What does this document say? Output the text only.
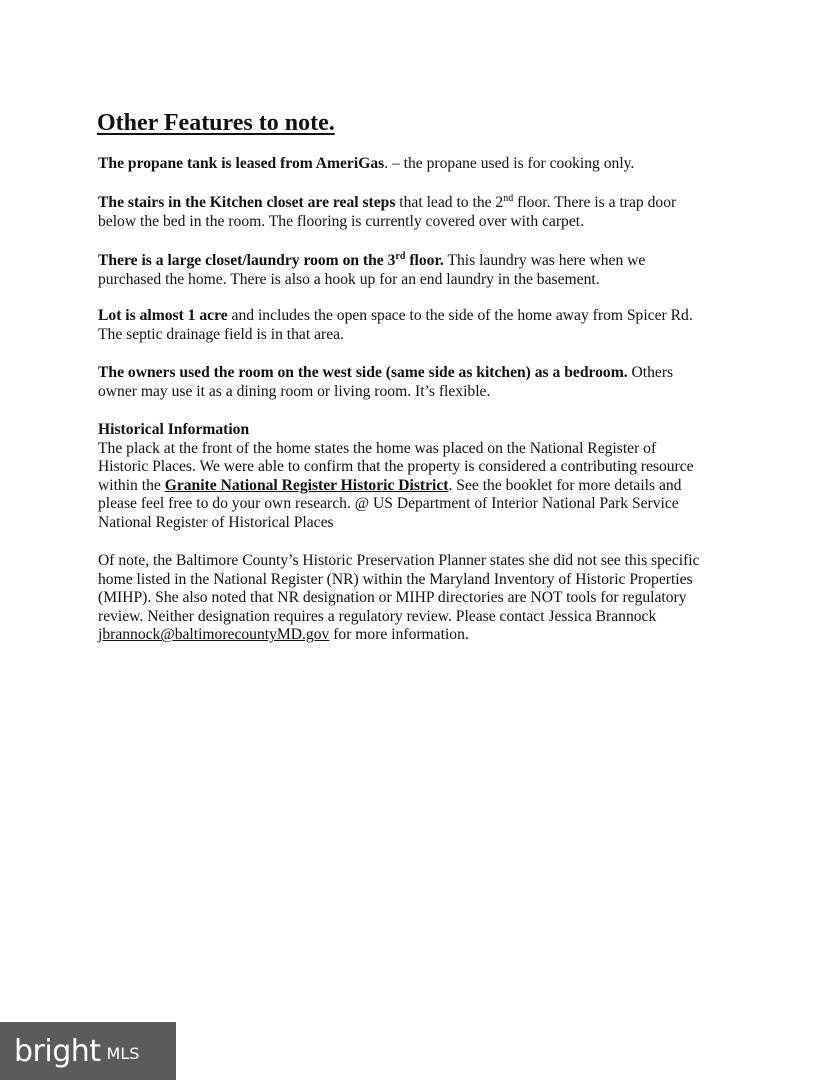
Other Features to note.

The propane tank is leased from AmeriGas. – the propane used is for cooking only.

The stairs in the Kitchen closet are real steps that lead to the 2nd floor. There is a trap door
below the bed in the room. The flooring is currently covered over with carpet.

There is a large closet/laundry room on the 3rd floor. This laundry was here when we
purchased the home. There is also a hook up for an end laundry in the basement.

Lot is almost 1 acre and includes the open space to the side of the home away from Spicer Rd.
The septic drainage field is in that area.

The owners used the room on the west side (same side as kitchen) as a bedroom. Others
owner may use it as a dining room or living room. It’s flexible.

Historical Information
The plack at the front of the home states the home was placed on the National Register of
Historic Places. We were able to confirm that the property is considered a contributing resource
within the Granite National Register Historic District. See the booklet for more details and
please feel free to do your own research. @ US Department of Interior National Park Service
National Register of Historical Places

Of note, the Baltimore County’s Historic Preservation Planner states she did not see this specific
home listed in the National Register (NR) within the Maryland Inventory of Historic Properties
(MIHP). She also noted that NR designation or MIHP directories are NOT tools for regulatory
review. Neither designation requires a regulatory review. Please contact Jessica Brannock
jbrannock@baltimorecountyMD.gov for more information.

bright MLS
